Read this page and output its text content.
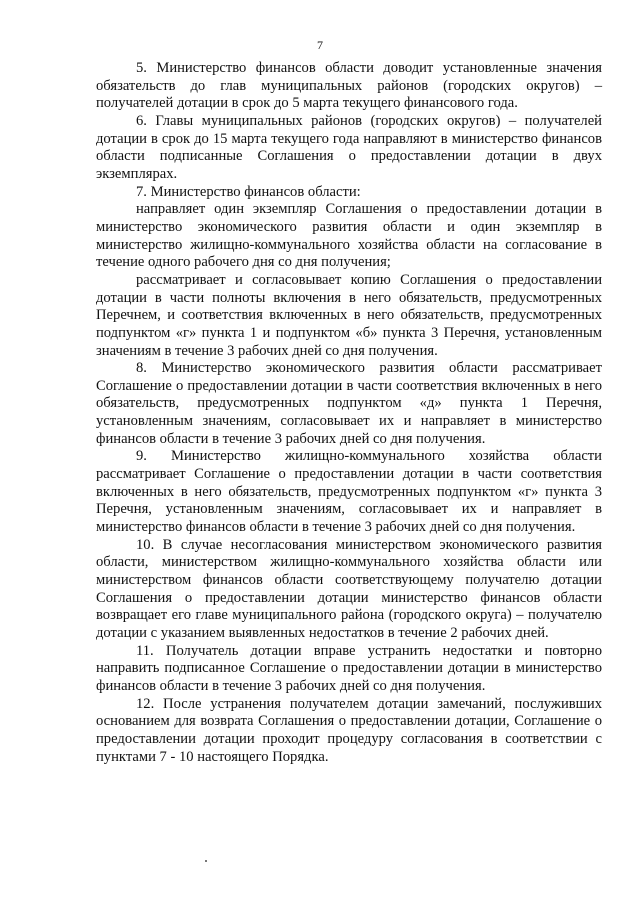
7

5. Министерство финансов области доводит установленные значения обязательств до глав муниципальных районов (городских округов) – получателей дотации в срок до 5 марта текущего финансового года.

6. Главы муниципальных районов (городских округов) – получателей дотации в срок до 15 марта текущего года направляют в министерство финансов области подписанные Соглашения о предоставлении дотации в двух экземплярах.

7. Министерство финансов области:

направляет один экземпляр Соглашения о предоставлении дотации в министерство экономического развития области и один экземпляр в министерство жилищно-коммунального хозяйства области на согласование в течение одного рабочего дня со дня получения;

рассматривает и согласовывает копию Соглашения о предоставлении дотации в части полноты включения в него обязательств, предусмотренных Перечнем, и соответствия включенных в него обязательств, предусмотренных подпунктом «г» пункта 1 и подпунктом «б» пункта 3 Перечня, установленным значениям в течение 3 рабочих дней со дня получения.

8. Министерство экономического развития области рассматривает Соглашение о предоставлении дотации в части соответствия включенных в него обязательств, предусмотренных подпунктом «д» пункта 1 Перечня, установленным значениям, согласовывает их и направляет в министерство финансов области в течение 3 рабочих дней со дня получения.

9. Министерство жилищно-коммунального хозяйства области рассматривает Соглашение о предоставлении дотации в части соответствия включенных в него обязательств, предусмотренных подпунктом «г» пункта 3 Перечня, установленным значениям, согласовывает их и направляет в министерство финансов области в течение 3 рабочих дней со дня получения.

10. В случае несогласования министерством экономического развития области, министерством жилищно-коммунального хозяйства области или министерством финансов области соответствующему получателю дотации Соглашения о предоставлении дотации министерство финансов области возвращает его главе муниципального района (городского округа) – получателю дотации с указанием выявленных недостатков в течение 2 рабочих дней.

11. Получатель дотации вправе устранить недостатки и повторно направить подписанное Соглашение о предоставлении дотации в министерство финансов области в течение 3 рабочих дней со дня получения.

12. После устранения получателем дотации замечаний, послуживших основанием для возврата Соглашения о предоставлении дотации, Соглашение о предоставлении дотации проходит процедуру согласования в соответствии с пунктами 7 - 10 настоящего Порядка.
